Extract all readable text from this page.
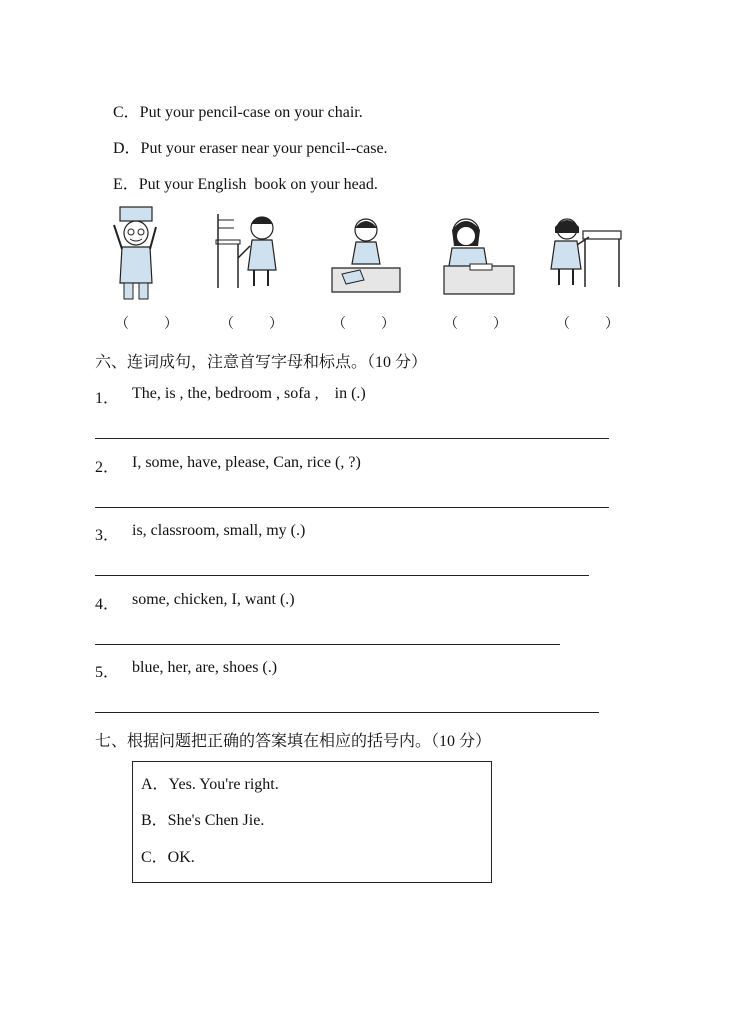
C．Put your pencil-case on your chair.
D．Put your eraser near your pencil--case.
E．Put your English  book on your head.
（          ）	（          ）	（          ）	（          ）	（          ）
六、连词成句，注意首写字母和标点。（10 分）
1． The, is , the, bedroom , sofa ,    in (.)
2． I, some, have, please, Can, rice (, ?)
3． is, classroom, small, my (.)
4． some, chicken, I, want (.)
5． blue, her, are, shoes (.)
七、根据问题把正确的答案填在相应的括号内。（10 分）
A．Yes. You're right.
B．She's Chen Jie.
C．OK.
